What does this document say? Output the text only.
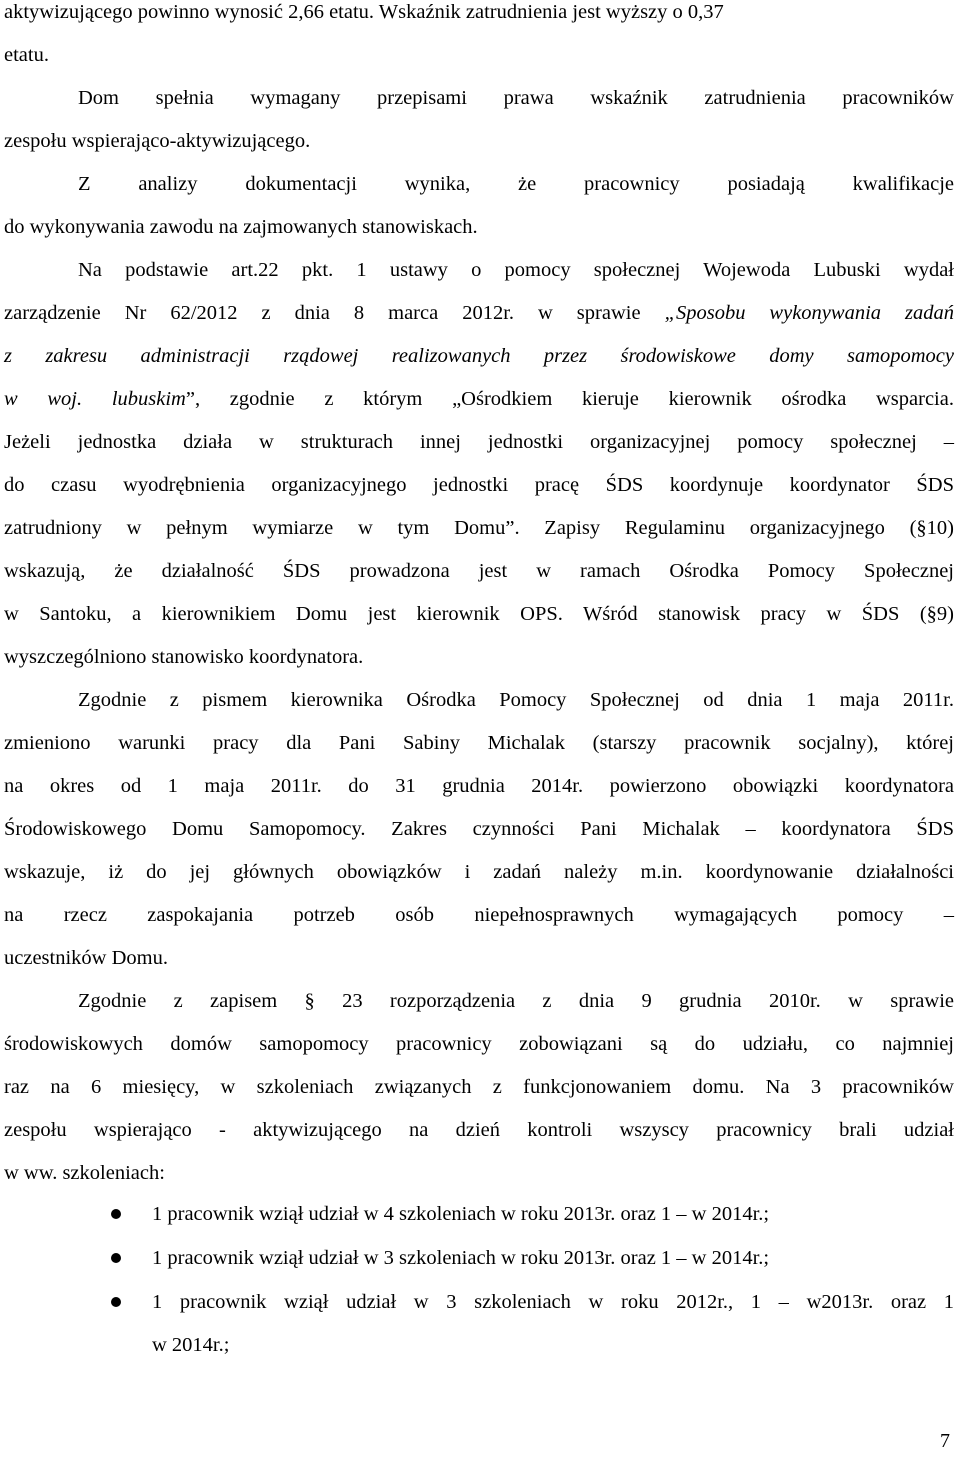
aktywizującego powinno wynosić 2,66 etatu. Wskaźnik zatrudnienia jest wyższy o 0,37
etatu.
Dom spełnia wymagany przepisami prawa wskaźnik zatrudnienia pracowników
zespołu wspierająco-aktywizującego.
Z analizy dokumentacji wynika, że pracownicy posiadają kwalifikacje
do wykonywania zawodu na zajmowanych stanowiskach.
Na podstawie art.22 pkt. 1 ustawy o pomocy społecznej Wojewoda Lubuski wydał
zarządzenie Nr 62/2012 z dnia 8 marca 2012r. w sprawie „Sposobu wykonywania zadań
z zakresu administracji rządowej realizowanych przez środowiskowe domy samopomocy
w woj. lubuskim”, zgodnie z którym „Ośrodkiem kieruje kierownik ośrodka wsparcia.
Jeżeli jednostka działa w strukturach innej jednostki organizacyjnej pomocy społecznej –
do czasu wyodrębnienia organizacyjnego jednostki pracę ŚDS koordynuje koordynator ŚDS
zatrudniony w pełnym wymiarze w tym Domu”. Zapisy Regulaminu organizacyjnego (§10)
wskazują, że działalność ŚDS prowadzona jest w ramach Ośrodka Pomocy Społecznej
w Santoku, a kierownikiem Domu jest kierownik OPS. Wśród stanowisk pracy w ŚDS (§9)
wyszczególniono stanowisko koordynatora.
Zgodnie z pismem kierownika Ośrodka Pomocy Społecznej od dnia 1 maja 2011r.
zmieniono warunki pracy dla Pani Sabiny Michalak (starszy pracownik socjalny), której
na okres od 1 maja 2011r. do 31 grudnia 2014r. powierzono obowiązki koordynatora
Środowiskowego Domu Samopomocy. Zakres czynności Pani Michalak – koordynatora ŚDS
wskazuje, iż do jej głównych obowiązków i zadań należy m.in. koordynowanie działalności
na rzecz zaspokajania potrzeb osób niepełnosprawnych wymagających pomocy –
uczestników Domu.
Zgodnie z zapisem § 23 rozporządzenia z dnia 9 grudnia 2010r. w sprawie
środowiskowych domów samopomocy pracownicy zobowiązani są do udziału, co najmniej
raz na 6 miesięcy, w szkoleniach związanych z funkcjonowaniem domu. Na 3 pracowników
zespołu wspierająco - aktywizującego na dzień kontroli wszyscy pracownicy brali udział
w ww. szkoleniach:
1 pracownik wziął udział w 4 szkoleniach w roku 2013r. oraz 1 – w 2014r.;
1 pracownik wziął udział w 3 szkoleniach w roku 2013r. oraz 1 – w 2014r.;
1 pracownik wziął udział w 3 szkoleniach w roku 2012r., 1 – w2013r. oraz 1
w 2014r.;
7
